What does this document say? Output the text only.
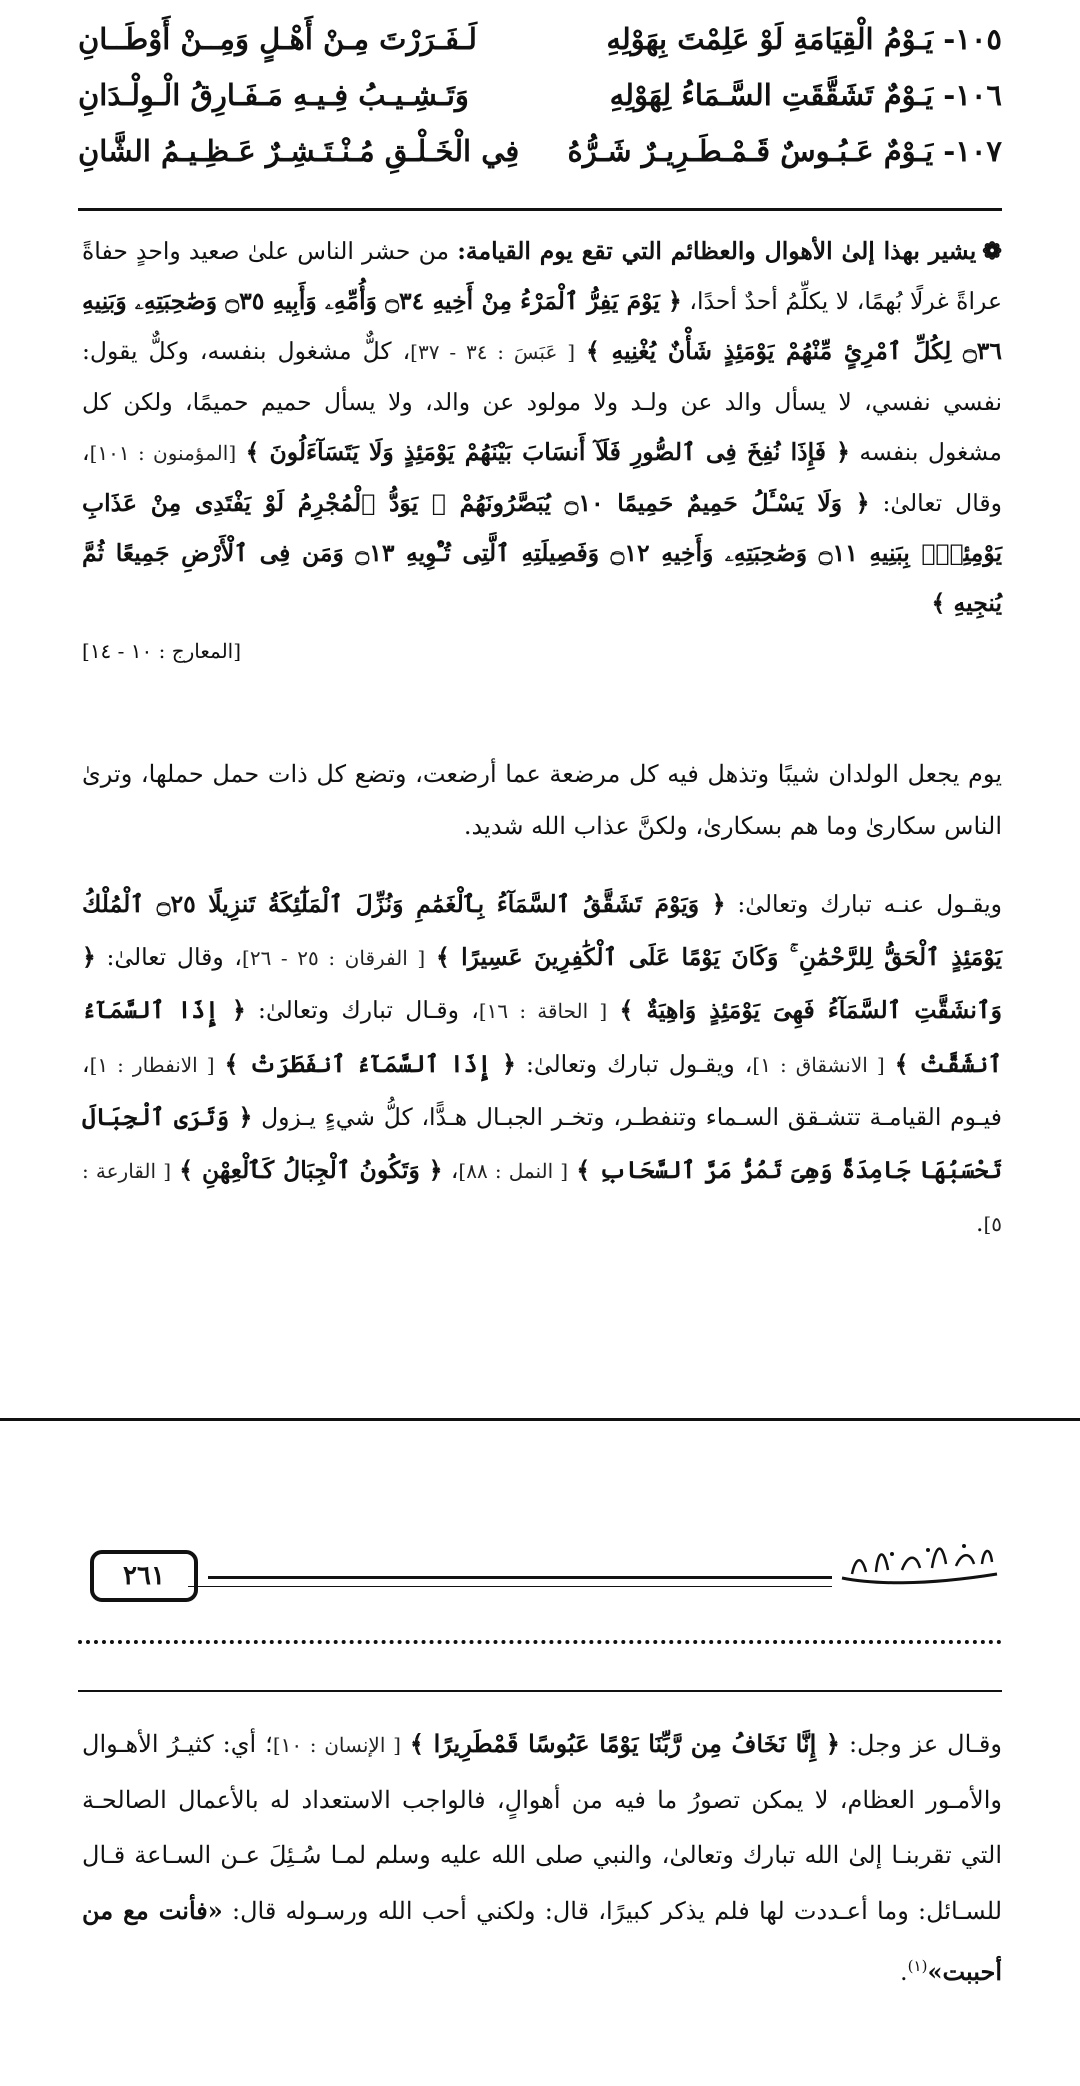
١٠٥-
يَـوْمُ الْقِيَامَةِ لَوْ عَلِمْتَ بِهَوْلِهِ
لَـفَـرَرْتَ مِـنْ أَهْـلٍ وَمِــنْ أَوْطَــانِ
١٠٦-
يَـوْمٌ تَشَقَّقَتِ السَّـمَاءُ لِهَوْلِهِ
وَتَـشِـيـبُ فِـيـهِ مَـفَـارِقُ الْـوِلْـدَانِ
١٠٧-
يَـوْمٌ عَـبُـوسٌ قَـمْـطَـرِيـرٌ شَـرُّهُ
فِي الْخَـلْـقِ مُـنْـتَـشِـرٌ عَـظِـيـمُ الشَّانِ

❁يشير بهذا إلىٰ الأهوال والعظائم التي تقع يوم القيامة: من حشر الناس علىٰ صعيد واحدٍ حفاةً عراةً غرلًا بُهمًا، لا يكلِّمُ أحدٌ أحدًا، ﴿ يَوْمَ يَفِرُّ ٱلْمَرْءُ مِنْ أَخِيهِ ۝٣٤ وَأُمِّهِۦ وَأَبِيهِ ۝٣٥ وَصَٰحِبَتِهِۦ وَبَنِيهِ ۝٣٦ لِكُلِّ ٱمْرِئٍ مِّنْهُمْ يَوْمَئِذٍ شَأْنٌ يُغْنِيهِ ﴾ [ عَبَسَ : ٣٤ - ٣٧]، كلٌّ مشغول بنفسه، وكلٌّ يقول: نفسي نفسي، لا يسأل والد عن ولـد ولا مولود عن والد، ولا يسأل حميم حميمًا، ولكن كل مشغول بنفسه ﴿ فَإِذَا نُفِخَ فِى ٱلصُّورِ فَلَآ أَنسَابَ بَيْنَهُمْ يَوْمَئِذٍ وَلَا يَتَسَآءَلُونَ ﴾ [المؤمنون : ١٠١]، وقال تعالىٰ: ﴿ وَلَا يَسْـَٔلُ حَمِيمٌ حَمِيمًا ۝١٠ يُبَصَّرُونَهُمْ ۚ يَوَدُّ ٱلْمُجْرِمُ لَوْ يَفْتَدِى مِنْ عَذَابِ يَوْمِئِذٍۭ بِبَنِيهِ ۝١١ وَصَٰحِبَتِهِۦ وَأَخِيهِ ۝١٢ وَفَصِيلَتِهِ ٱلَّتِى تُـْٔوِيهِ ۝١٣ وَمَن فِى ٱلْأَرْضِ جَمِيعًا ثُمَّ يُنجِيهِ ﴾

[المعارج : ١٠ - ١٤]

يوم يجعل الولدان شيبًا وتذهل فيه كل مرضعة عما أرضعت، وتضع كل ذات حمل حملها، وترىٰ الناس سكارىٰ وما هم بسكارىٰ، ولكنَّ عذاب الله شديد.

ويقـول عنـه تبارك وتعالىٰ: ﴿ وَيَوْمَ تَشَقَّقُ ٱلسَّمَآءُ بِٱلْغَمَٰمِ وَنُزِّلَ ٱلْمَلَٰٓئِكَةُ تَنزِيلًا ۝٢٥ ٱلْمُلْكُ يَوْمَئِذٍ ٱلْحَقُّ لِلرَّحْمَٰنِ ۚ وَكَانَ يَوْمًا عَلَى ٱلْكَٰفِرِينَ عَسِيرًا ﴾ [ الفرقان : ٢٥ - ٢٦]، وقال تعالىٰ: ﴿ وَٱنشَقَّتِ ٱلسَّمَآءُ فَهِىَ يَوْمَئِذٍ وَاهِيَةٌ ﴾ [ الحاقة : ١٦]، وقـال تبارك وتعالىٰ: ﴿ إِذَا ٱلسَّمَآءُ ٱنشَقَّتْ ﴾ [ الانشقاق : ١]، ويقـول تبارك وتعالىٰ: ﴿ إِذَا ٱلسَّمَآءُ ٱنفَطَرَتْ ﴾ [ الانفطار : ١]، فيـوم القيامـة تتشـقق السـماء وتنفطـر، وتخـر الجبـال هـدًّا، كلُّ شيءٍ يـزول ﴿ وَتَرَى ٱلْجِبَالَ تَحْسَبُهَا جَامِدَةً وَهِىَ تَمُرُّ مَرَّ ٱلسَّحَابِ ﴾ [ النمل : ٨٨]، ﴿ وَتَكُونُ ٱلْجِبَالُ كَٱلْعِهْنِ ﴾ [ القارعة : ٥].

٢٦١

وقـال عز وجل: ﴿ إِنَّا نَخَافُ مِن رَّبِّنَا يَوْمًا عَبُوسًا قَمْطَرِيرًا ﴾ [ الإنسان : ١٠]؛ أي: كثيـرُ الأهـوال والأمـور العظام، لا يمكن تصورُ ما فيه من أهوالٍ، فالواجب الاستعداد له بالأعمال الصالحـة التي تقربنـا إلىٰ الله تبارك وتعالىٰ، والنبي صلى الله عليه وسلم لمـا سُـئِلَ عـن السـاعة قـال للسـائل: وما أعـددت لها فلم يذكر كبيرًا، قال: ولكني أحب الله ورسـوله قال: «فأنت مع من أحببت»$^{(١)}$.
